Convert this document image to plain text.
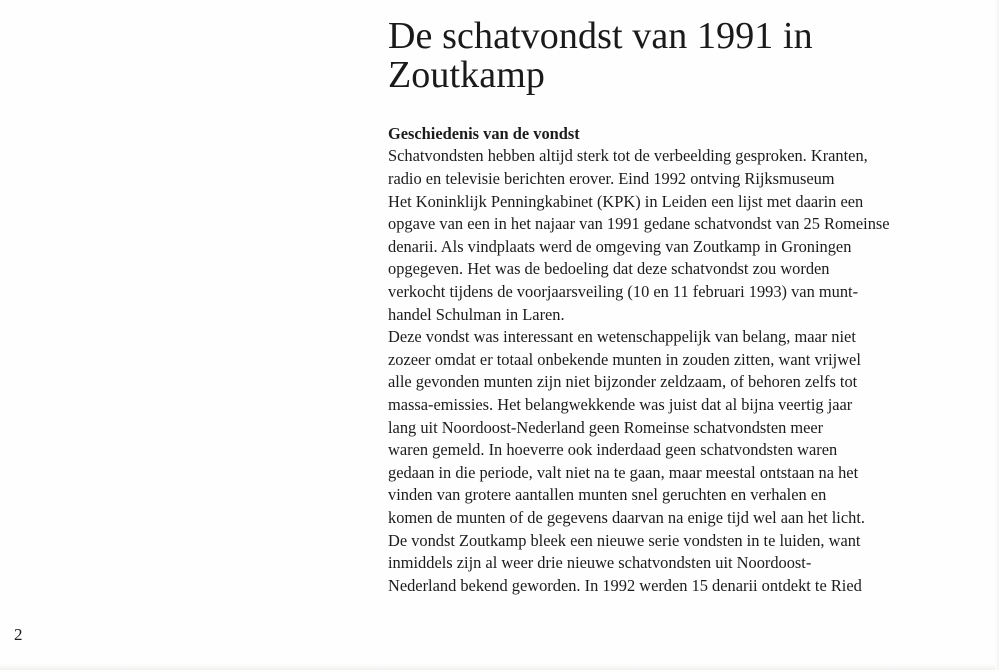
De schatvondst van 1991 in
Zoutkamp
Geschiedenis van de vondst
Schatvondsten hebben altijd sterk tot de verbeelding gesproken. Kranten,
radio en televisie berichten erover. Eind 1992 ontving Rijksmuseum
Het Koninklijk Penningkabinet (KPK) in Leiden een lijst met daarin een
opgave van een in het najaar van 1991 gedane schatvondst van 25 Romeinse
denarii. Als vindplaats werd de omgeving van Zoutkamp in Groningen
opgegeven. Het was de bedoeling dat deze schatvondst zou worden
verkocht tijdens de voorjaarsveiling (10 en 11 februari 1993) van munt-
handel Schulman in Laren.
Deze vondst was interessant en wetenschappelijk van belang, maar niet
zozeer omdat er totaal onbekende munten in zouden zitten, want vrijwel
alle gevonden munten zijn niet bijzonder zeldzaam, of behoren zelfs tot
massa-emissies. Het belangwekkende was juist dat al bijna veertig jaar
lang uit Noordoost-Nederland geen Romeinse schatvondsten meer
waren gemeld. In hoeverre ook inderdaad geen schatvondsten waren
gedaan in die periode, valt niet na te gaan, maar meestal ontstaan na het
vinden van grotere aantallen munten snel geruchten en verhalen en
komen de munten of de gegevens daarvan na enige tijd wel aan het licht.
De vondst Zoutkamp bleek een nieuwe serie vondsten in te luiden, want
inmiddels zijn al weer drie nieuwe schatvondsten uit Noordoost-
Nederland bekend geworden. In 1992 werden 15 denarii ontdekt te Ried
2
